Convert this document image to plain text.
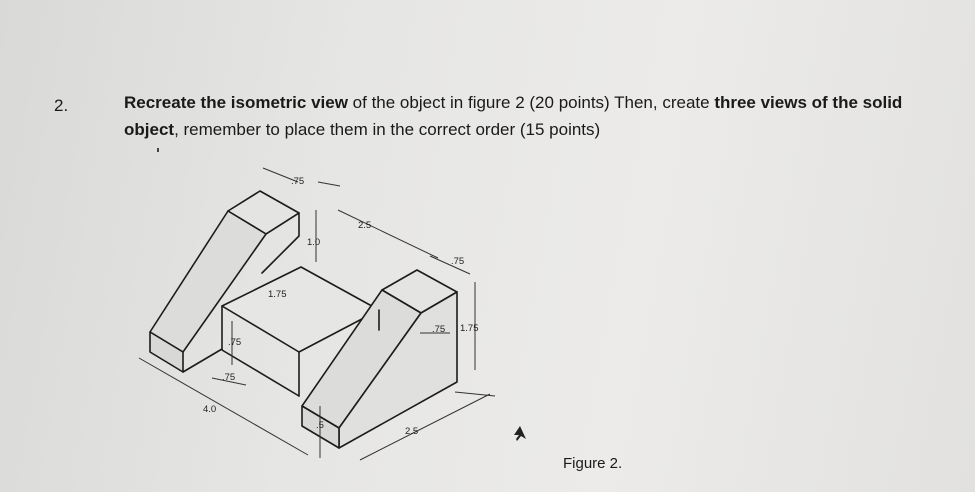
2.	Recreate the isometric view of the object in figure 2 (20 points) Then, create three views of the solid object, remember to place them in the correct order (15 points)
.75
1.0
2.5
.75
1.75
.75 1.75
.75
.75
4.0
.5
2.5
Figure 2.
